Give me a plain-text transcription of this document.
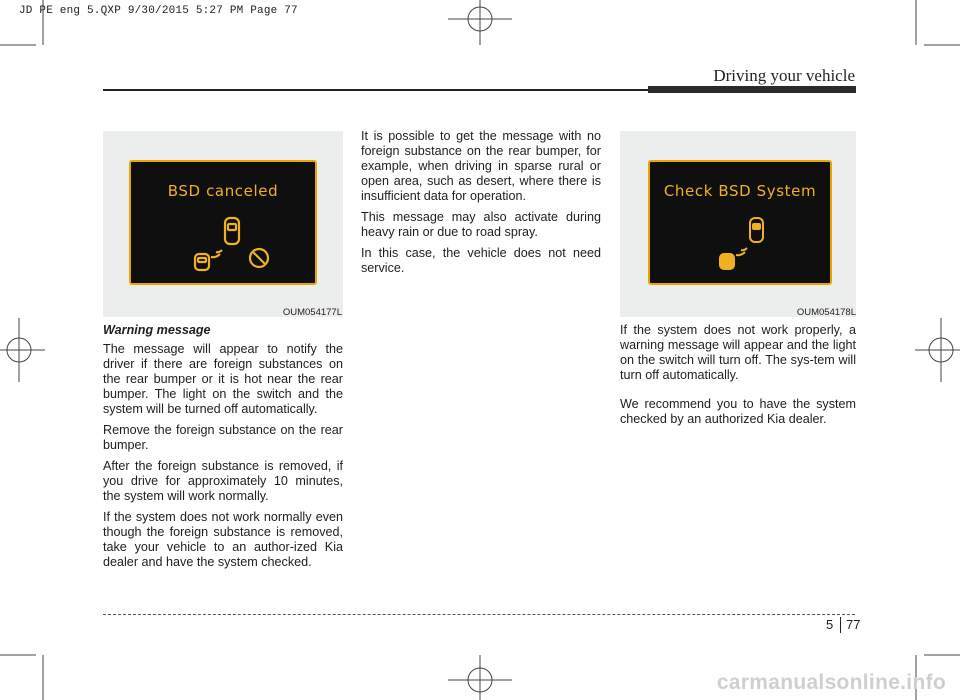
JD PE eng 5.QXP 9/30/2015 5:27 PM Page 77
Driving your vehicle
BSD canceled
OUM054177L
Check BSD System
OUM054178L

Warning message

The message will appear to notify the driver if there are foreign substances on the rear bumper or it is hot near the rear bumper. The light on the switch and the system will be turned off automatically.

Remove the foreign substance on the rear bumper.

After the foreign substance is removed, if you drive for approximately 10 minutes, the system will work normally.

If the system does not work normally even though the foreign substance is removed, take your vehicle to an author-ized Kia dealer and have the system checked.

It is possible to get the message with no foreign substance on the rear bumper, for example, when driving in sparse rural or open area, such as desert, where there is insufficient data for operation.

This message may also activate during heavy rain or due to road spray.

In this case, the vehicle does not need service.

If the system does not work properly, a warning message will appear and the light on the switch will turn off. The sys-tem will turn off automatically.

We recommend you to have the system checked by an authorized Kia dealer.

5 77
carmanualsonline.info
